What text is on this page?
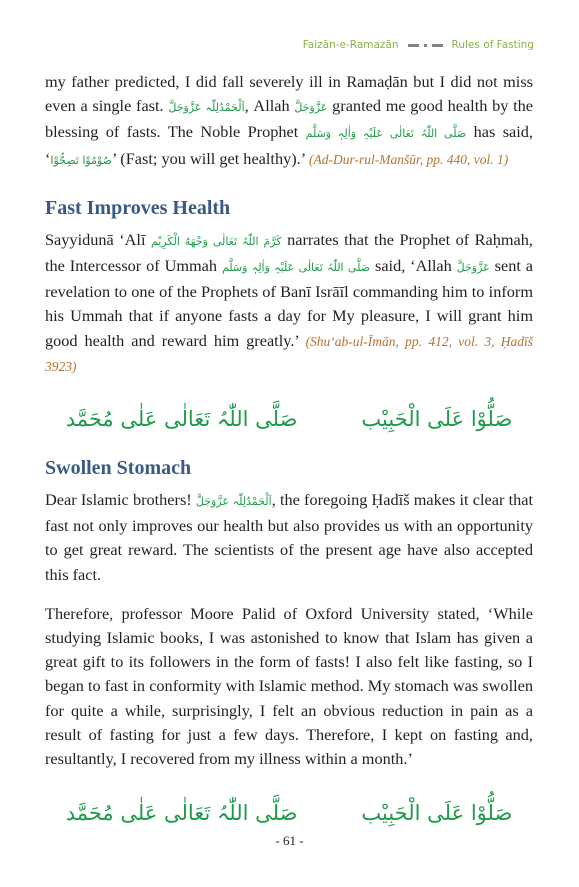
Faizān-e-Ramazān	Rules of Fasting

my father predicted, I did fall severely ill in Ramaḍān but I did not miss even a single fast. اَلْحَمْدُلِلّٰہ عَزَّوَجَلَّ, Allah عَزَّوَجَلَّ granted me good health by the blessing of fasts. The Noble Prophet صَلَّی اللّٰہُ تَعَالٰی عَلَیْہِ وَاٰلِہٖ وَسَلَّم has said, ‘صُوْمُوْا تَصِحُّوْا’ (Fast; you will get healthy).’ (Ad-Dur-rul-Manšūr, pp. 440, vol. 1)

Fast Improves Health

Sayyidunā ‘Alī كَرَّمَ اللّٰہُ تَعَالٰی وَجْهَهُ الْكَرِيْم narrates that the Prophet of Raḥmah, the Intercessor of Ummah صَلَّی اللّٰہُ تَعَالٰی عَلَیْہِ وَاٰلِہٖ وَسَلَّم said, ‘Allah عَزَّوَجَلَّ sent a revelation to one of the Prophets of Banī Isrāīl commanding him to inform his Ummah that if anyone fasts a day for My pleasure, I will grant him good health and reward him greatly.’ (Shu‘ab-ul-Īmān, pp. 412, vol. 3, Ḥadīš 3923)

صَلُّوْا عَلَی الْحَبِیْب
صَلَّی اللّٰہُ تَعَالٰی عَلٰی مُحَمَّد
Swollen Stomach

Dear Islamic brothers! اَلْحَمْدُلِلّٰہ عَزَّوَجَلَّ, the foregoing Ḥadīš makes it clear that fast not only improves our health but also provides us with an opportunity to get great reward. The scientists of the present age have also accepted this fact.

Therefore, professor Moore Palid of Oxford University stated, ‘While studying Islamic books, I was astonished to know that Islam has given a great gift to its followers in the form of fasts! I also felt like fasting, so I began to fast in conformity with Islamic method. My stomach was swollen for quite a while, surprisingly, I felt an obvious reduction in pain as a result of fasting for just a few days. Therefore, I kept on fasting and, resultantly, I recovered from my illness within a month.’

صَلُّوْا عَلَی الْحَبِیْب
صَلَّی اللّٰہُ تَعَالٰی عَلٰی مُحَمَّد
- 61 -
